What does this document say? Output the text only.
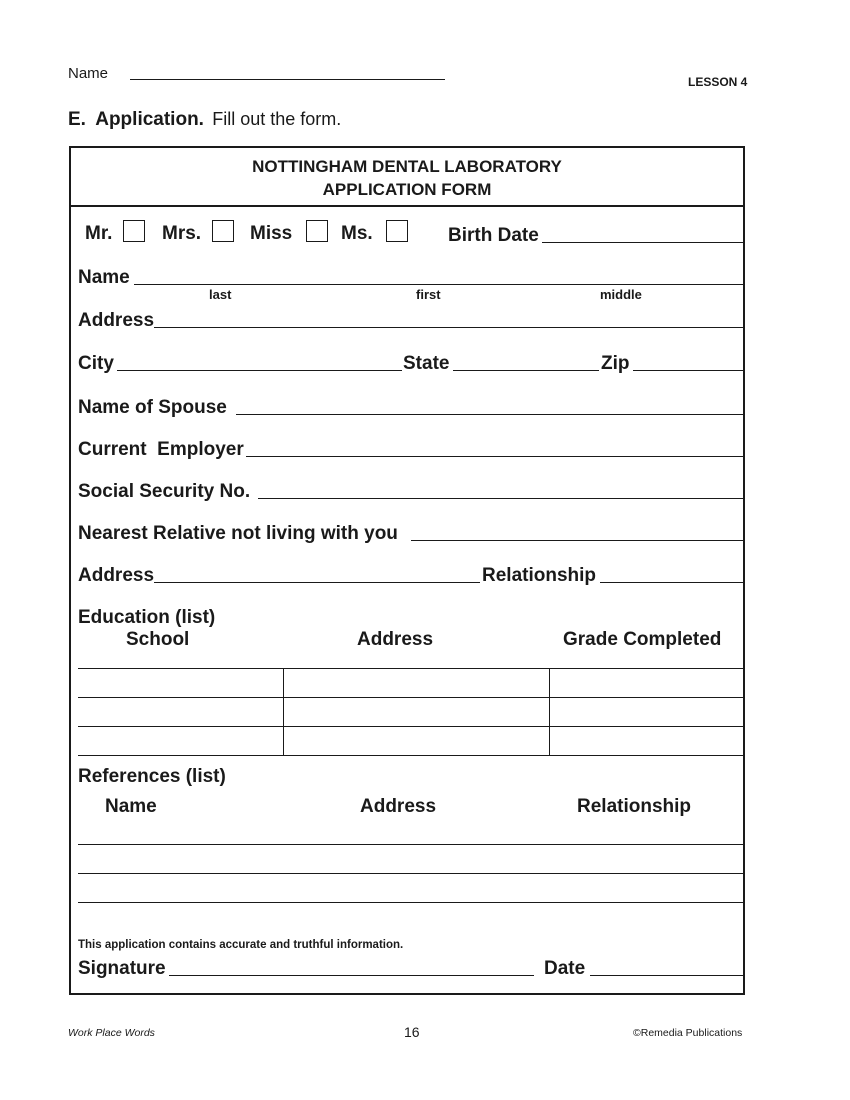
Name	LESSON 4
E. Application. Fill out the form.
NOTTINGHAM DENTAL LABORATORY
APPLICATION FORM
Mr.	Mrs.	Miss	Ms.	Birth Date
Name
last	first	middle
Address
City	State	Zip
Name of Spouse
Current  Employer
Social Security No.
Nearest Relative not living with you
Address	Relationship
Education (list)
School	Address	Grade Completed
References (list)
Name	Address	Relationship
This application contains accurate and truthful information.
Signature	Date
Work Place Words	16	©Remedia Publications
